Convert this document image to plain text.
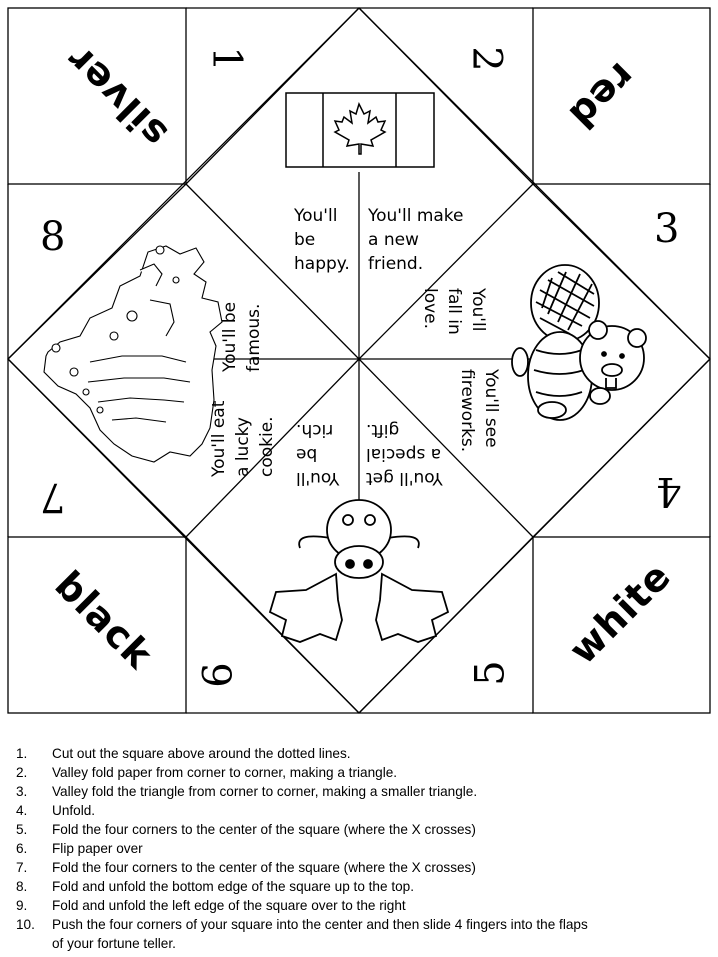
silver	red
black	white
1	2
3
4
5
6
7
8	You'll
be
happy.
You'll make
a new
friend.
You'll be famous.	You'll
fall in
love.
You'll eat a lucky cookie.	You'll see
fireworks.
You'll
be
rich.
You'll get
a special
gift.
1. Cut out the square above around the dotted lines.
2. Valley fold paper from corner to corner, making a triangle.
3. Valley fold the triangle from corner to corner, making a smaller triangle.
4. Unfold.
5. Fold the four corners to the center of the square (where the X crosses)
6. Flip paper over
7. Fold the four corners to the center of the square (where the X crosses)
8. Fold and unfold the bottom edge of the square up to the top.
9. Fold and unfold the left edge of the square over to the right
10. Push the four corners of your square into the center and then slide 4 fingers into the flaps
of your fortune teller.
